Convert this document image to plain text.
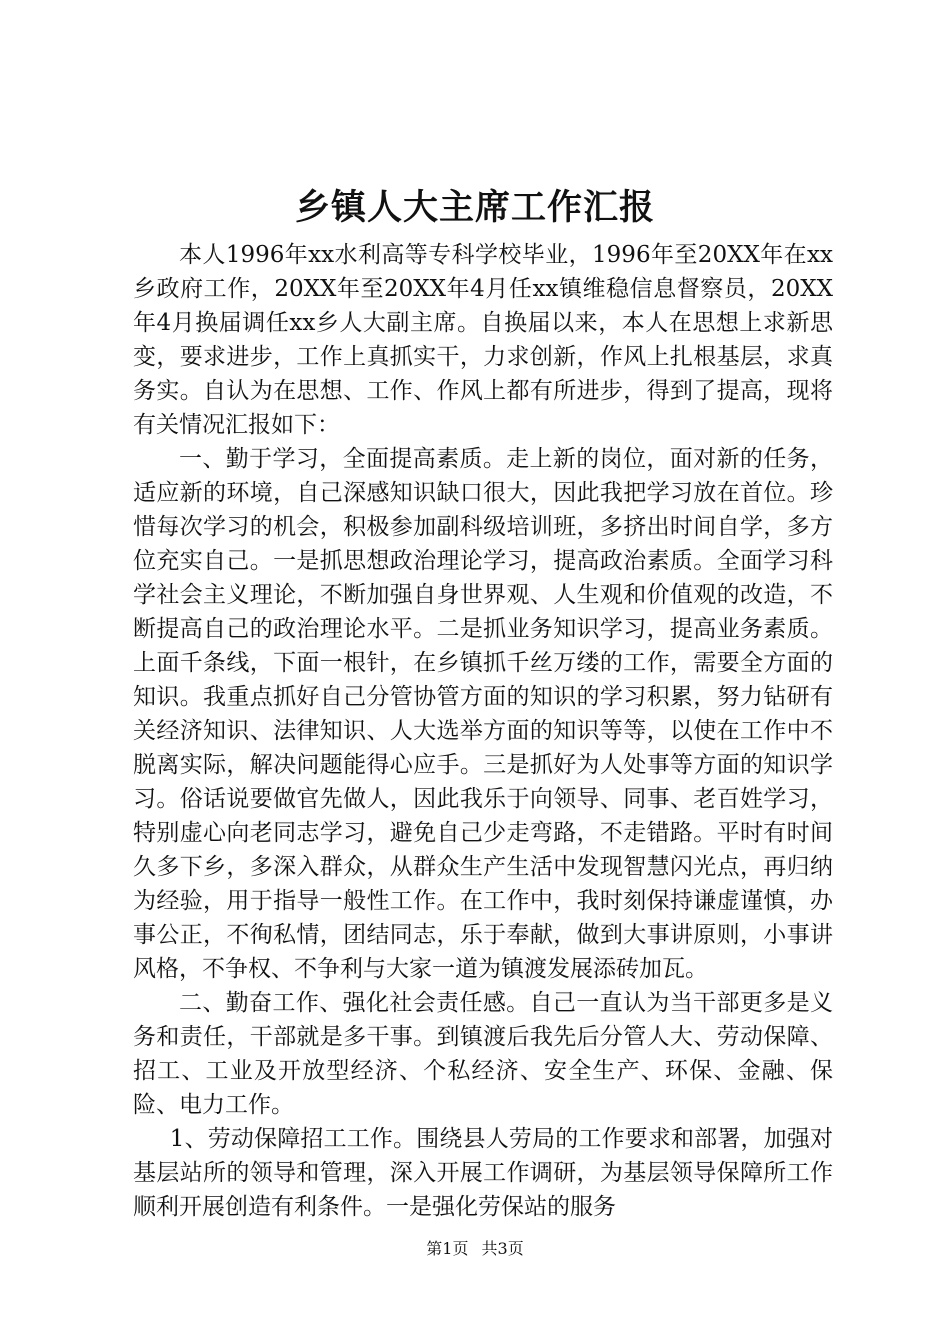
乡镇人大主席工作汇报

本人1996年xx水利高等专科学校毕业，1996年至20XX年在xx乡政府工作，20XX年至20XX年4月任xx镇维稳信息督察员，20XX年4月换届调任xx乡人大副主席。自换届以来，本人在思想上求新思变，要求进步，工作上真抓实干，力求创新，作风上扎根基层，求真务实。自认为在思想、工作、作风上都有所进步，得到了提高，现将有关情况汇报如下：

一、勤于学习，全面提高素质。走上新的岗位，面对新的任务，适应新的环境，自己深感知识缺口很大，因此我把学习放在首位。珍惜每次学习的机会，积极参加副科级培训班，多挤出时间自学，多方位充实自己。一是抓思想政治理论学习，提高政治素质。全面学习科学社会主义理论，不断加强自身世界观、人生观和价值观的改造，不断提高自己的政治理论水平。二是抓业务知识学习，提高业务素质。上面千条线，下面一根针，在乡镇抓千丝万缕的工作，需要全方面的知识。我重点抓好自己分管协管方面的知识的学习积累，努力钻研有关经济知识、法律知识、人大选举方面的知识等等，以使在工作中不脱离实际，解决问题能得心应手。三是抓好为人处事等方面的知识学习。俗话说要做官先做人，因此我乐于向领导、同事、老百姓学习，特别虚心向老同志学习，避免自己少走弯路，不走错路。平时有时间久多下乡，多深入群众，从群众生产生活中发现智慧闪光点，再归纳为经验，用于指导一般性工作。在工作中，我时刻保持谦虚谨慎，办事公正，不徇私情，团结同志，乐于奉献，做到大事讲原则，小事讲风格，不争权、不争利与大家一道为镇渡发展添砖加瓦。

二、勤奋工作、强化社会责任感。自己一直认为当干部更多是义务和责任，干部就是多干事。到镇渡后我先后分管人大、劳动保障、招工、工业及开放型经济、个私经济、安全生产、环保、金融、保险、电力工作。

1、劳动保障招工工作。围绕县人劳局的工作要求和部署，加强对基层站所的领导和管理，深入开展工作调研，为基层领导保障所工作顺利开展创造有利条件。一是强化劳保站的服务

第1页 共3页
